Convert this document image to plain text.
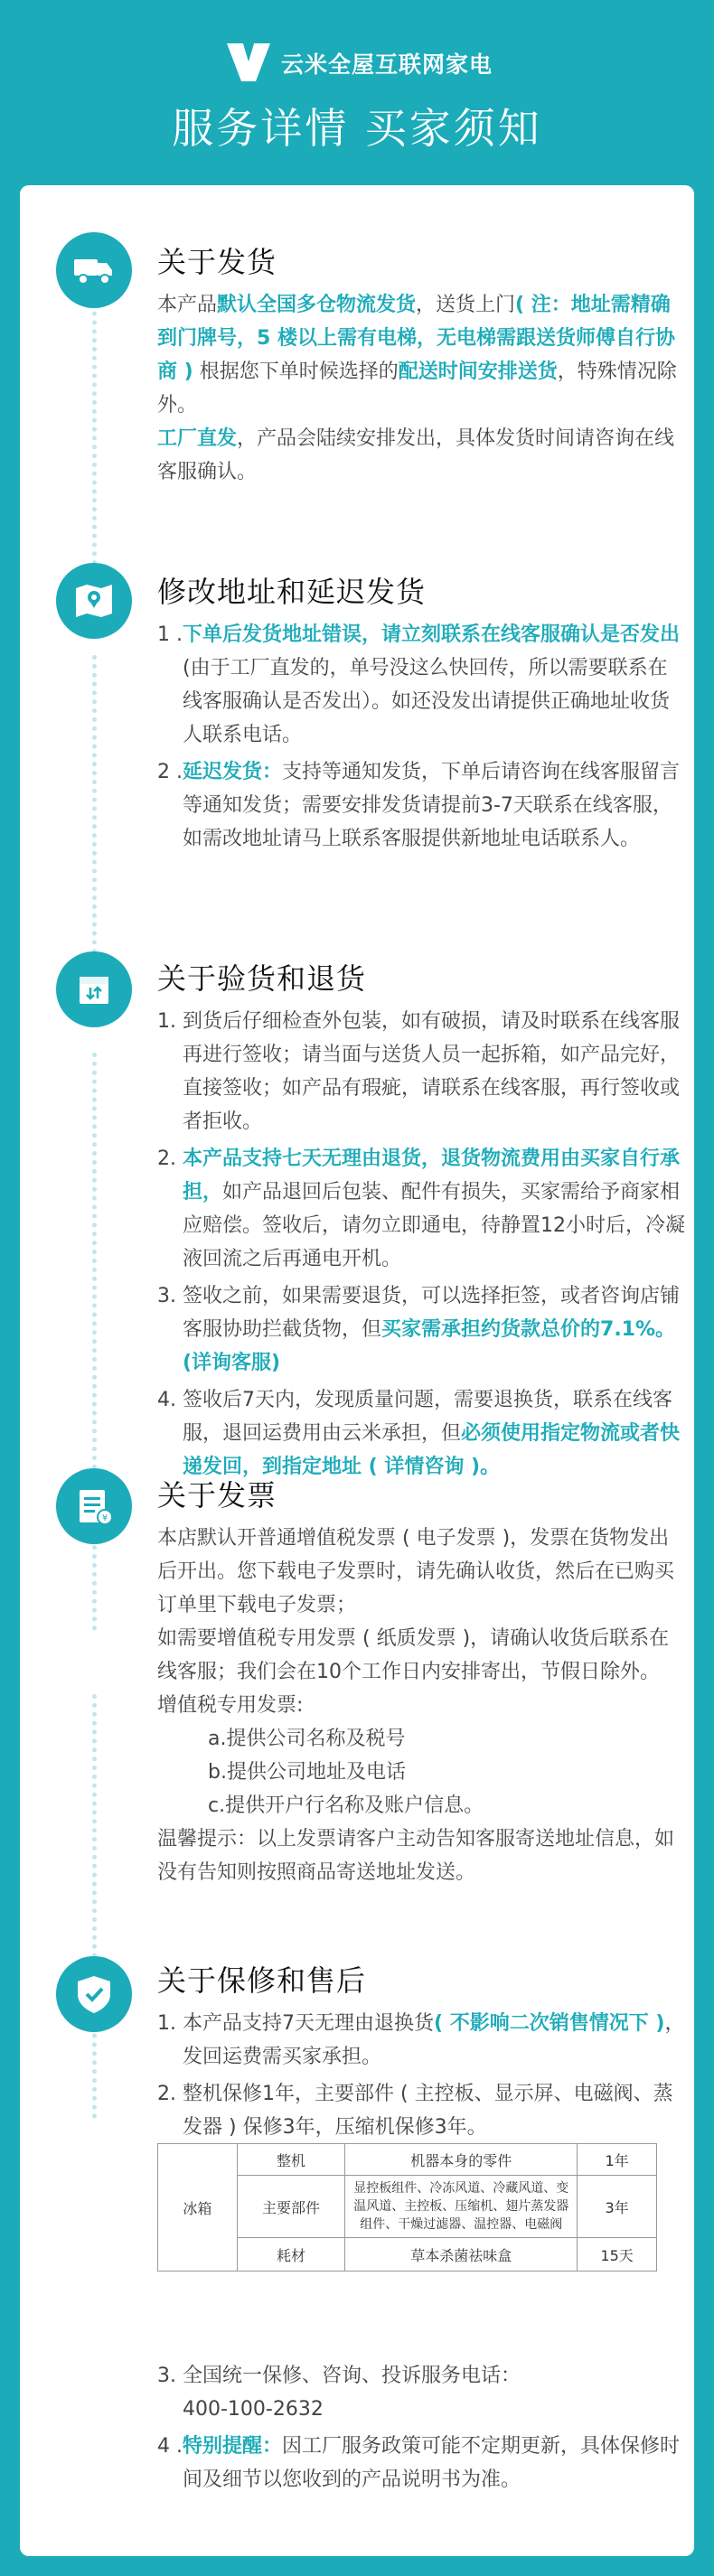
云米全屋互联网家电
服务详情 买家须知
关于发货

本产品默认全国多仓物流发货，送货上门( 注：地址需精确到门牌号，5 楼以上需有电梯，无电梯需跟送货师傅自行协商 ) 根据您下单时候选择的配送时间安排送货，特殊情况除外。

工厂直发，产品会陆续安排发出，具体发货时间请咨询在线客服确认。

修改地址和延迟发货
1 . 下单后发货地址错误，请立刻联系在线客服确认是否发出(由于工厂直发的，单号没这么快回传，所以需要联系在线客服确认是否发出）。如还没发出请提供正确地址收货人联系电话。
2 . 延迟发货：支持等通知发货，下单后请咨询在线客服留言等通知发货；需要安排发货请提前3-7天联系在线客服，如需改地址请马上联系客服提供新地址电话联系人。
关于验货和退货
1. 到货后仔细检查外包装，如有破损，请及时联系在线客服再进行签收；请当面与送货人员一起拆箱，如产品完好，直接签收；如产品有瑕疵，请联系在线客服，再行签收或者拒收。
2. 本产品支持七天无理由退货，退货物流费用由买家自行承担，如产品退回后包装、配件有损失，买家需给予商家相应赔偿。签收后，请勿立即通电，待静置12小时后，冷凝液回流之后再通电开机。
3. 签收之前，如果需要退货，可以选择拒签，或者咨询店铺客服协助拦截货物，但买家需承担约货款总价的7.1%。(详询客服)
4. 签收后7天内，发现质量问题，需要退换货，联系在线客服，退回运费用由云米承担，但必须使用指定物流或者快递发回，到指定地址 ( 详情咨询 )。
¥
关于发票

本店默认开普通增值税发票 ( 电子发票 )，发票在货物发出后开出。您下载电子发票时，请先确认收货，然后在已购买订单里下载电子发票；

如需要增值税专用发票 ( 纸质发票 )，请确认收货后联系在线客服；我们会在10个工作日内安排寄出，节假日除外。

增值税专用发票:

a.提供公司名称及税号

b.提供公司地址及电话

c.提供开户行名称及账户信息。

温馨提示：以上发票请客户主动告知客服寄送地址信息，如没有告知则按照商品寄送地址发送。

关于保修和售后
1. 本产品支持7天无理由退换货( 不影响二次销售情况下 )，发回运费需买家承担。
2. 整机保修1年，主要部件 ( 主控板、显示屏、电磁阀、蒸发器 ) 保修3年，压缩机保修3年。
冰箱	整机	机器本身的零件	1年
	主要部件	显控板组件、冷冻风道、冷藏风道、变温风道、主控板、压缩机、翅片蒸发器组件、干燥过滤器、温控器、电磁阀	3年
	耗材	草本杀菌祛味盒	15天
3. 全国统一保修、咨询、投诉服务电话：
400-100-2632
4 . 特别提醒：因工厂服务政策可能不定期更新，具体保修时间及细节以您收到的产品说明书为准。
